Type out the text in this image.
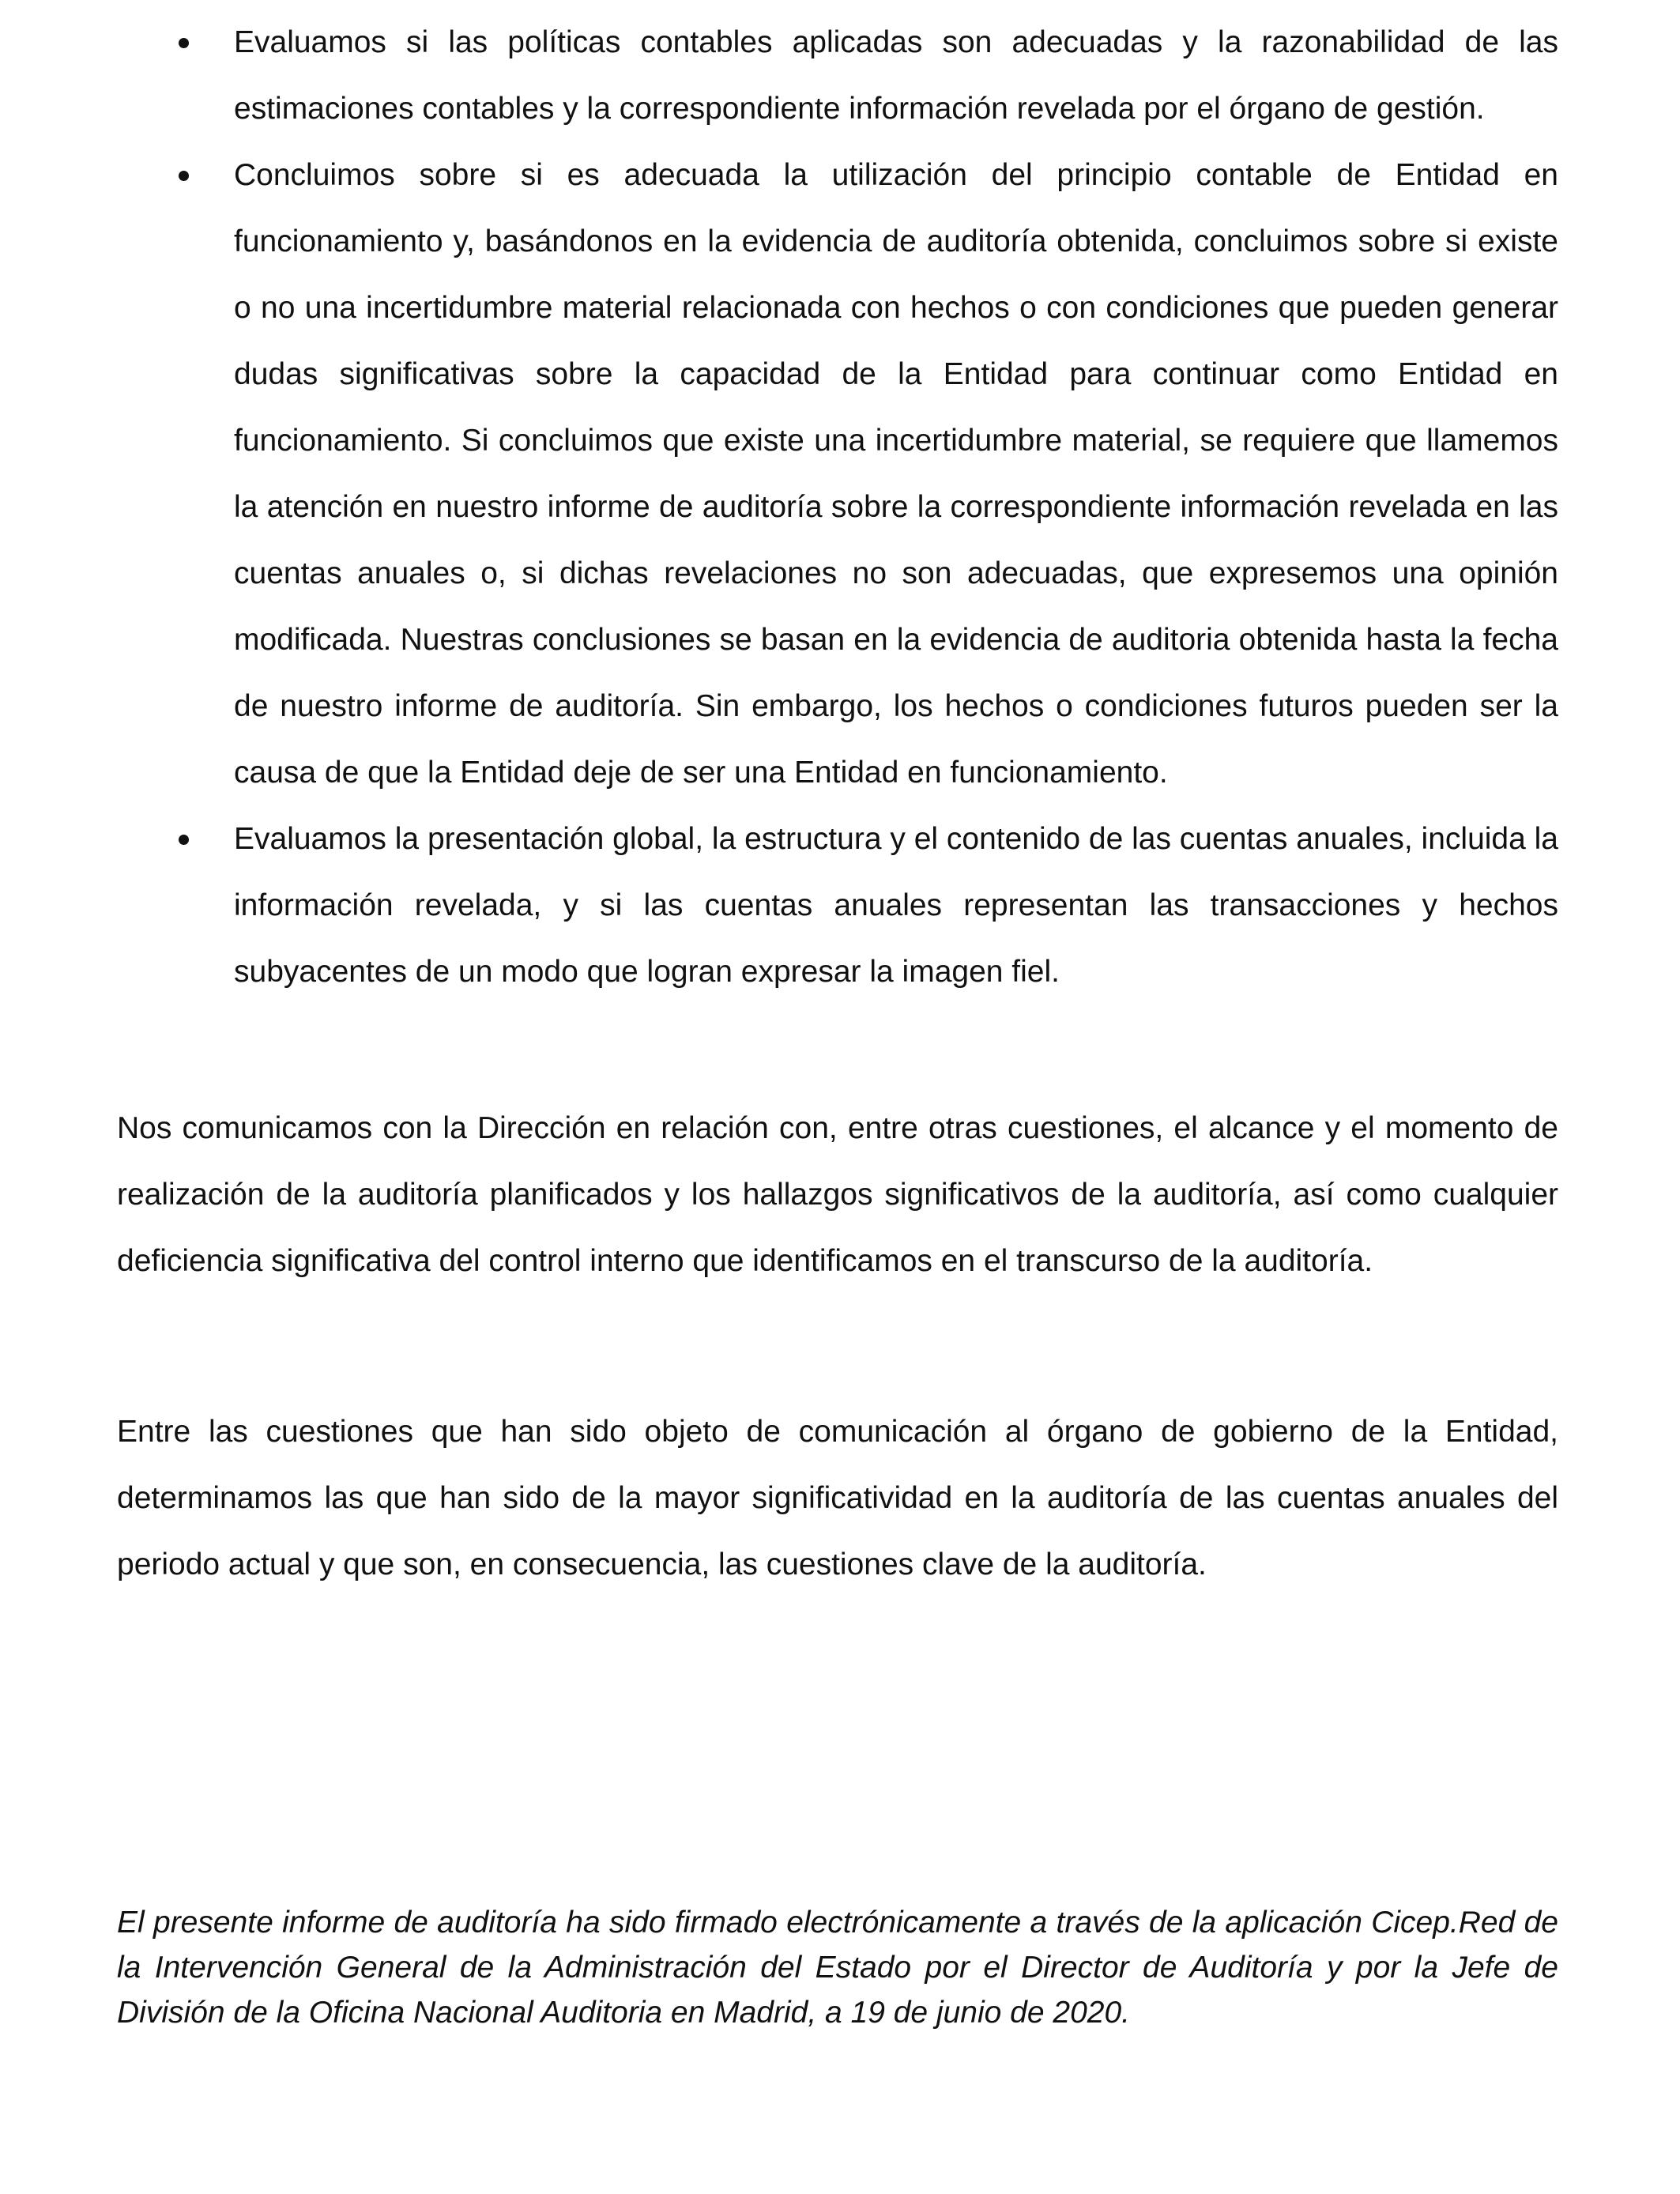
Evaluamos si las políticas contables aplicadas son adecuadas y la razonabilidad de las estimaciones contables y la correspondiente información revelada por el órgano de gestión.
Concluimos sobre si es adecuada la utilización del principio contable de Entidad en funcionamiento y, basándonos en la evidencia de auditoría obtenida, concluimos sobre si existe o no una incertidumbre material relacionada con hechos o con condiciones que pueden generar dudas significativas sobre la capacidad de la Entidad para continuar como Entidad en funcionamiento. Si concluimos que existe una incertidumbre material, se requiere que llamemos la atención en nuestro informe de auditoría sobre la correspondiente información revelada en las cuentas anuales o, si dichas revelaciones no son adecuadas, que expresemos una opinión modificada. Nuestras conclusiones se basan en la evidencia de auditoria obtenida hasta la fecha de nuestro informe de auditoría. Sin embargo, los hechos o condiciones futuros pueden ser la causa de que la Entidad deje de ser una Entidad en funcionamiento.
Evaluamos la presentación global, la estructura y el contenido de las cuentas anuales, incluida la información revelada, y si las cuentas anuales representan las transacciones y hechos subyacentes de un modo que logran expresar la imagen fiel.

Nos comunicamos con la Dirección en relación con, entre otras cuestiones, el alcance y el momento de realización de la auditoría planificados y los hallazgos significativos de la auditoría, así como cualquier deficiencia significativa del control interno que identificamos en el transcurso de la auditoría.

Entre las cuestiones que han sido objeto de comunicación al órgano de gobierno de la Entidad, determinamos las que han sido de la mayor significatividad en la auditoría de las cuentas anuales del periodo actual y que son, en consecuencia, las cuestiones clave de la auditoría.

El presente informe de auditoría ha sido firmado electrónicamente a través de la aplicación Cicep.Red de la Intervención General de la Administración del Estado por el Director de Auditoría y por la Jefe de División de la Oficina Nacional Auditoria en Madrid, a 19 de junio de 2020.
